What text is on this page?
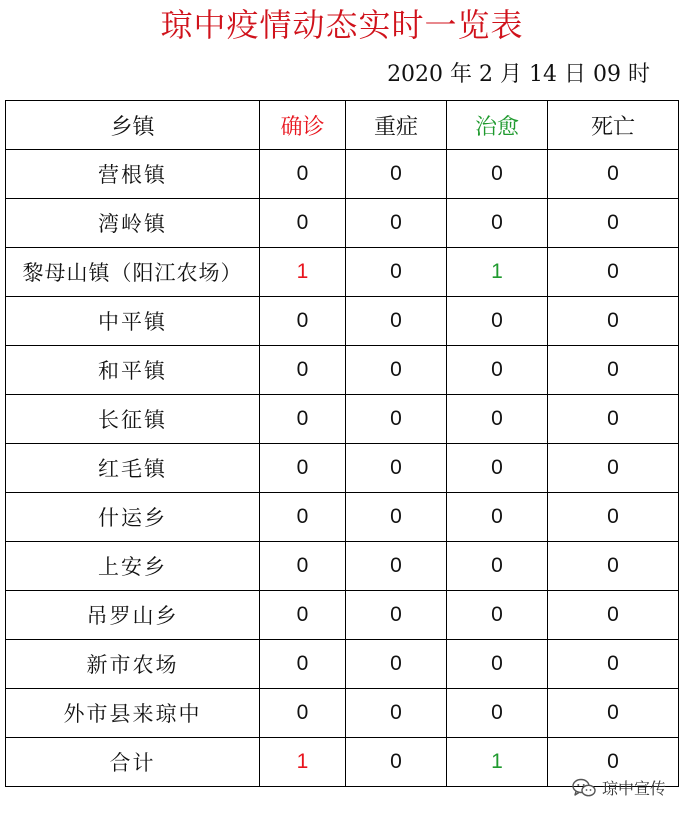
琼中疫情动态实时一览表
2020 年 2 月 14 日 09 时
乡镇	确诊	重症	治愈	死亡
营根镇	0	0	0	0
湾岭镇	0	0	0	0
黎母山镇（阳江农场）	1	0	1	0
中平镇	0	0	0	0
和平镇	0	0	0	0
长征镇	0	0	0	0
红毛镇	0	0	0	0
什运乡	0	0	0	0
上安乡	0	0	0	0
吊罗山乡	0	0	0	0
新市农场	0	0	0	0
外市县来琼中	0	0	0	0
合计	1	0	1	0
琼中宣传
